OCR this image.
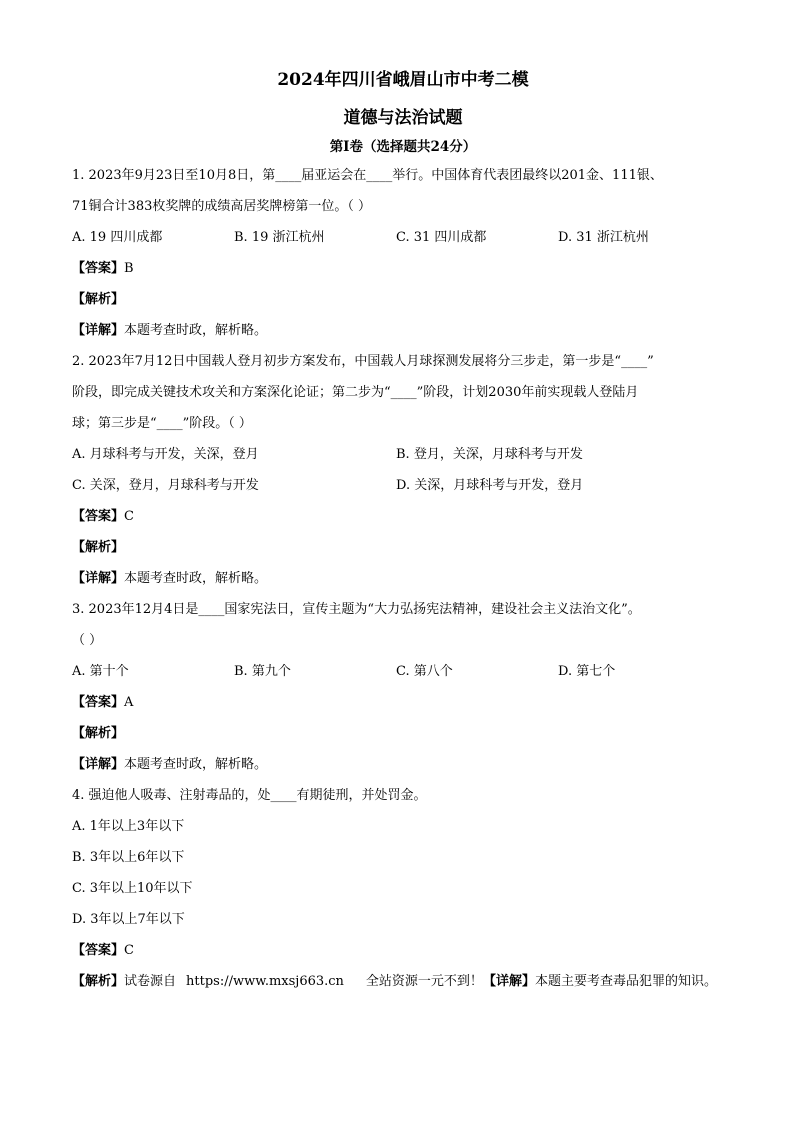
2024年四川省峨眉山市中考二模
道德与法治试题
第Ⅰ卷（选择题共24分）
1. 2023年9月23日至10月8日，第____届亚运会在____举行。中国体育代表团最终以201金、111银、
71铜合计383枚奖牌的成绩高居奖牌榜第一位。（ ）
A. 19 四川成都	B. 19 浙江杭州	C. 31 四川成都	D. 31 浙江杭州
【答案】B
【解析】
【详解】本题考查时政，解析略。
2. 2023年7月12日中国载人登月初步方案发布，中国载人月球探测发展将分三步走，第一步是“____”
阶段，即完成关键技术攻关和方案深化论证；第二步为“____”阶段，计划2030年前实现载人登陆月
球；第三步是“____”阶段。（ ）
A. 月球科考与开发，关深，登月	B. 登月，关深，月球科考与开发
C. 关深，登月，月球科考与开发	D. 关深，月球科考与开发，登月
【答案】C
【解析】
【详解】本题考查时政，解析略。
3. 2023年12月4日是____国家宪法日，宣传主题为“大力弘扬宪法精神，建设社会主义法治文化”。
（ ）
A. 第十个	B. 第九个	C. 第八个	D. 第七个
【答案】A
【解析】
【详解】本题考查时政，解析略。
4. 强迫他人吸毒、注射毒品的，处____有期徒刑，并处罚金。
A. 1年以上3年以下
B. 3年以上6年以下
C. 3年以上10年以下
D. 3年以上7年以下
【答案】C
【解析】试卷源自 https://www.mxsj663.cn 全站资源一元不到！【详解】本题主要考查毒品犯罪的知识。
